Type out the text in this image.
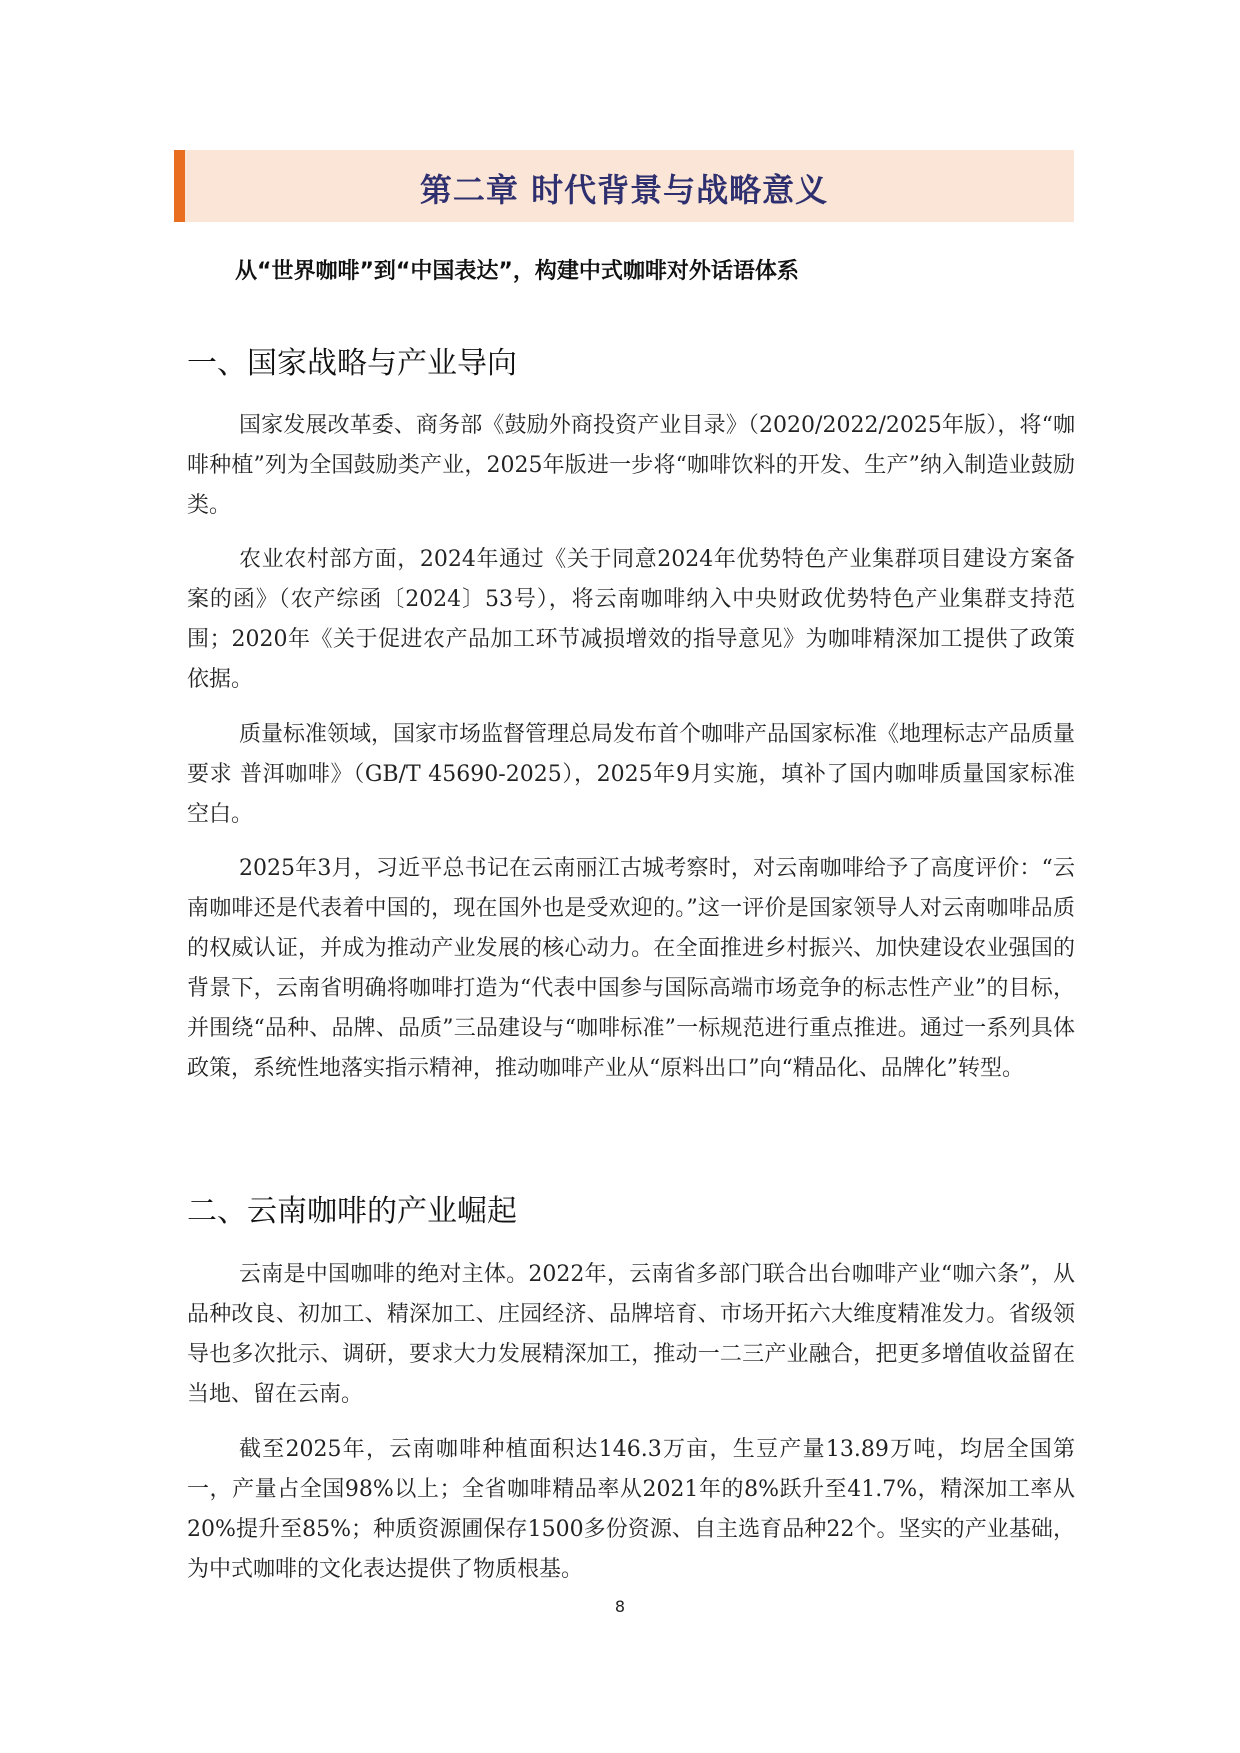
第二章 时代背景与战略意义
从“世界咖啡”到“中国表达”，构建中式咖啡对外话语体系
一、国家战略与产业导向

国家发展改革委、商务部《鼓励外商投资产业目录》（2020/2022/2025年版），将“咖啡种植”列为全国鼓励类产业，2025年版进一步将“咖啡饮料的开发、生产”纳入制造业鼓励类。

农业农村部方面，2024年通过《关于同意2024年优势特色产业集群项目建设方案备案的函》（农产综函〔2024〕53号），将云南咖啡纳入中央财政优势特色产业集群支持范围；2020年《关于促进农产品加工环节减损增效的指导意见》为咖啡精深加工提供了政策依据。

质量标准领域，国家市场监督管理总局发布首个咖啡产品国家标准《地理标志产品质量要求 普洱咖啡》（GB/T 45690-2025），2025年9月实施，填补了国内咖啡质量国家标准空白。

2025年3月，习近平总书记在云南丽江古城考察时，对云南咖啡给予了高度评价：“云南咖啡还是代表着中国的，现在国外也是受欢迎的。”这一评价是国家领导人对云南咖啡品质的权威认证，并成为推动产业发展的核心动力。在全面推进乡村振兴、加快建设农业强国的背景下，云南省明确将咖啡打造为“代表中国参与国际高端市场竞争的标志性产业”的目标，并围绕“品种、品牌、品质”三品建设与“咖啡标准”一标规范进行重点推进。通过一系列具体政策，系统性地落实指示精神，推动咖啡产业从“原料出口”向“精品化、品牌化”转型。

二、云南咖啡的产业崛起

云南是中国咖啡的绝对主体。2022年，云南省多部门联合出台咖啡产业“咖六条”，从品种改良、初加工、精深加工、庄园经济、品牌培育、市场开拓六大维度精准发力。省级领导也多次批示、调研，要求大力发展精深加工，推动一二三产业融合，把更多增值收益留在当地、留在云南。

截至2025年，云南咖啡种植面积达146.3万亩，生豆产量13.89万吨，均居全国第一，产量占全国98%以上；全省咖啡精品率从2021年的8%跃升至41.7%，精深加工率从20%提升至85%；种质资源圃保存1500多份资源、自主选育品种22个。坚实的产业基础，为中式咖啡的文化表达提供了物质根基。

8
